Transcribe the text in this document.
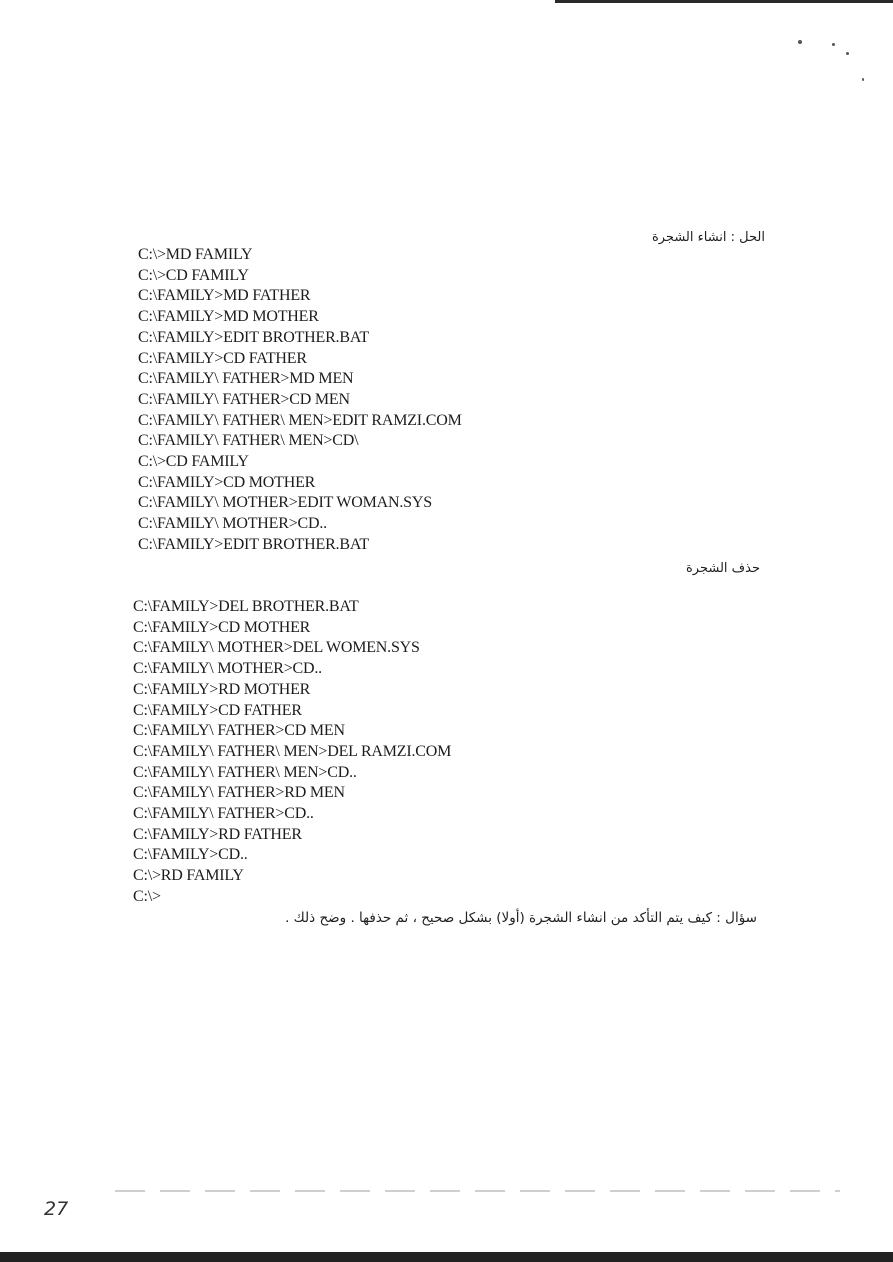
الحل : انشاء الشجرة
C:\>MD FAMILY
C:\>CD FAMILY
C:\FAMILY>MD FATHER
C:\FAMILY>MD MOTHER
C:\FAMILY>EDIT BROTHER.BAT
C:\FAMILY>CD FATHER
C:\FAMILY\ FATHER>MD MEN
C:\FAMILY\ FATHER>CD MEN
C:\FAMILY\ FATHER\ MEN>EDIT RAMZI.COM
C:\FAMILY\ FATHER\ MEN>CD\
C:\>CD FAMILY
C:\FAMILY>CD MOTHER
C:\FAMILY\ MOTHER>EDIT WOMAN.SYS
C:\FAMILY\ MOTHER>CD..
C:\FAMILY>EDIT BROTHER.BAT
حذف الشجرة
C:\FAMILY>DEL BROTHER.BAT
C:\FAMILY>CD MOTHER
C:\FAMILY\ MOTHER>DEL WOMEN.SYS
C:\FAMILY\ MOTHER>CD..
C:\FAMILY>RD MOTHER
C:\FAMILY>CD FATHER
C:\FAMILY\ FATHER>CD MEN
C:\FAMILY\ FATHER\ MEN>DEL RAMZI.COM
C:\FAMILY\ FATHER\ MEN>CD..
C:\FAMILY\ FATHER>RD MEN
C:\FAMILY\ FATHER>CD..
C:\FAMILY>RD FATHER
C:\FAMILY>CD..
C:\>RD FAMILY
C:\>
سؤال : كيف يتم التأكد من انشاء الشجرة (أولا) بشكل صحيح ، ثم حذفها . وضح ذلك .
27
